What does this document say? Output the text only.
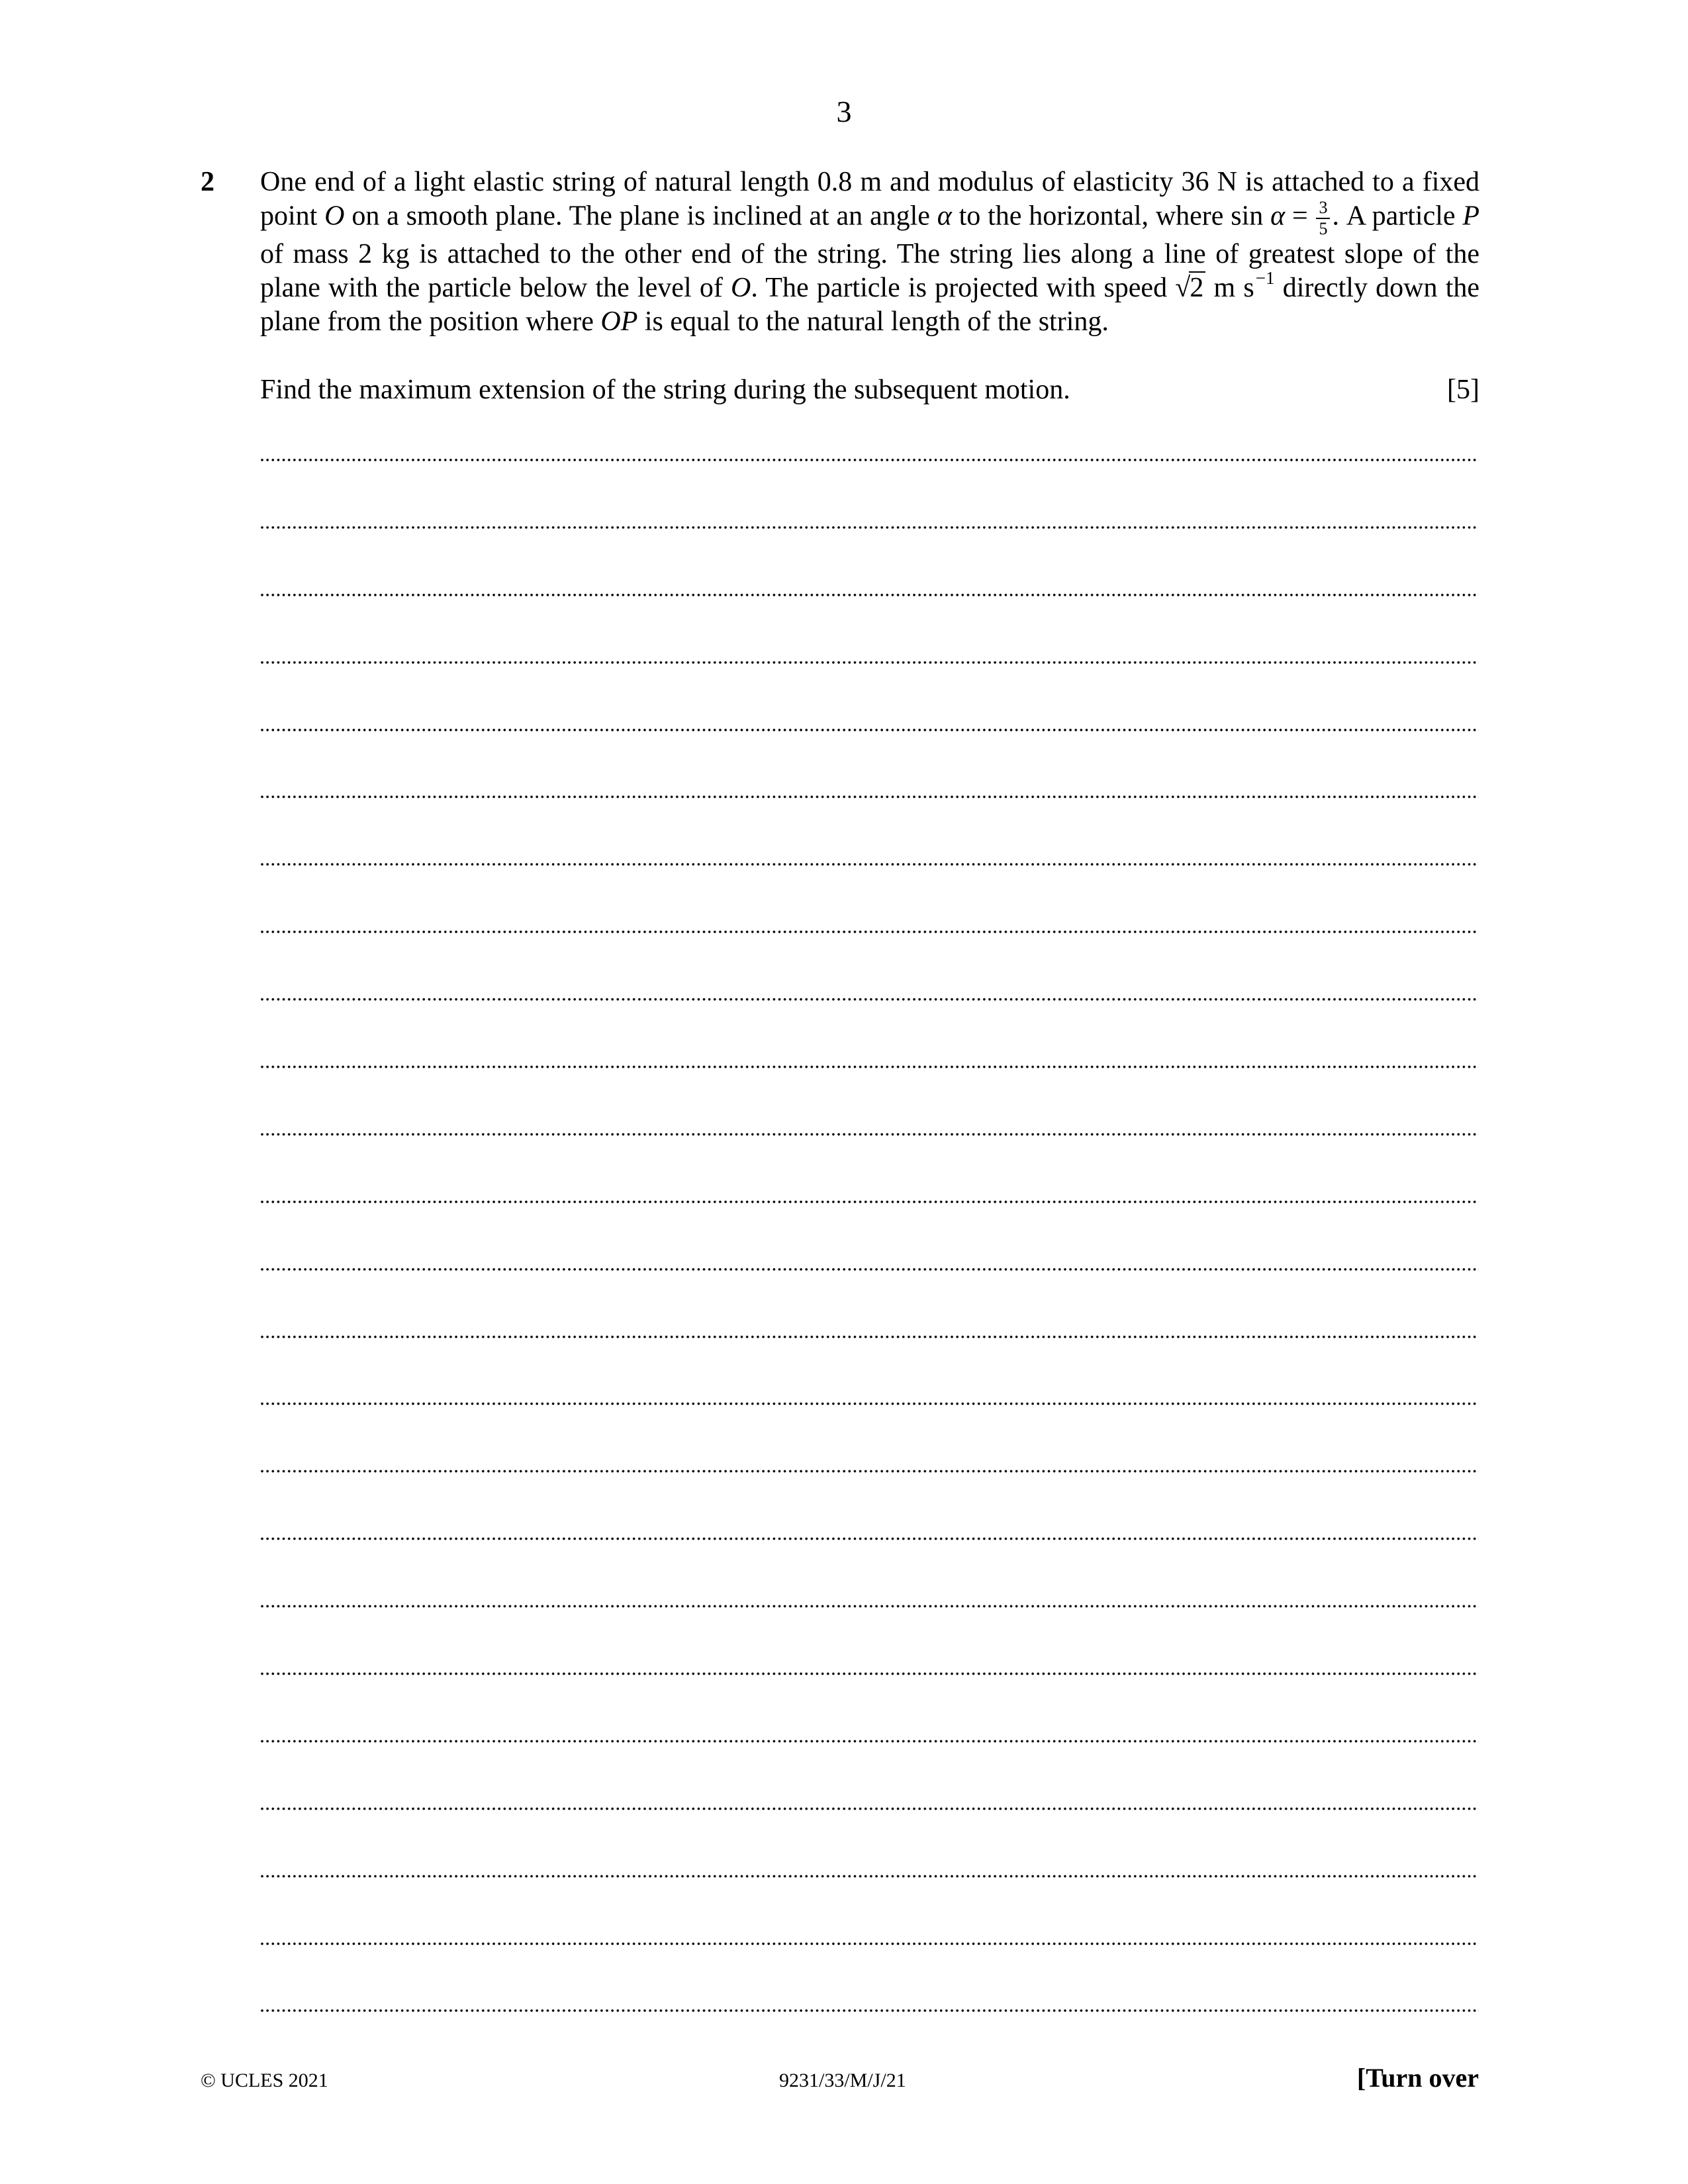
3
2	One end of a light elastic string of natural length 0.8 m and modulus of elasticity 36 N is attached to a fixed point O on a smooth plane. The plane is inclined at an angle α to the horizontal, where $\sin \alpha = \frac{3}{5}$ . A particle P of mass 2 kg is attached to the other end of the string. The string lies along a line of greatest slope of the plane with the particle below the level of O. The particle is projected with speed √2 m $s^{-1}$ directly down the plane from the position where OP is equal to the natural length of the string.

Find the maximum extension of the string during the subsequent motion.	[5]
© UCLES 2021	9231/33/M/J/21	[Turn over
